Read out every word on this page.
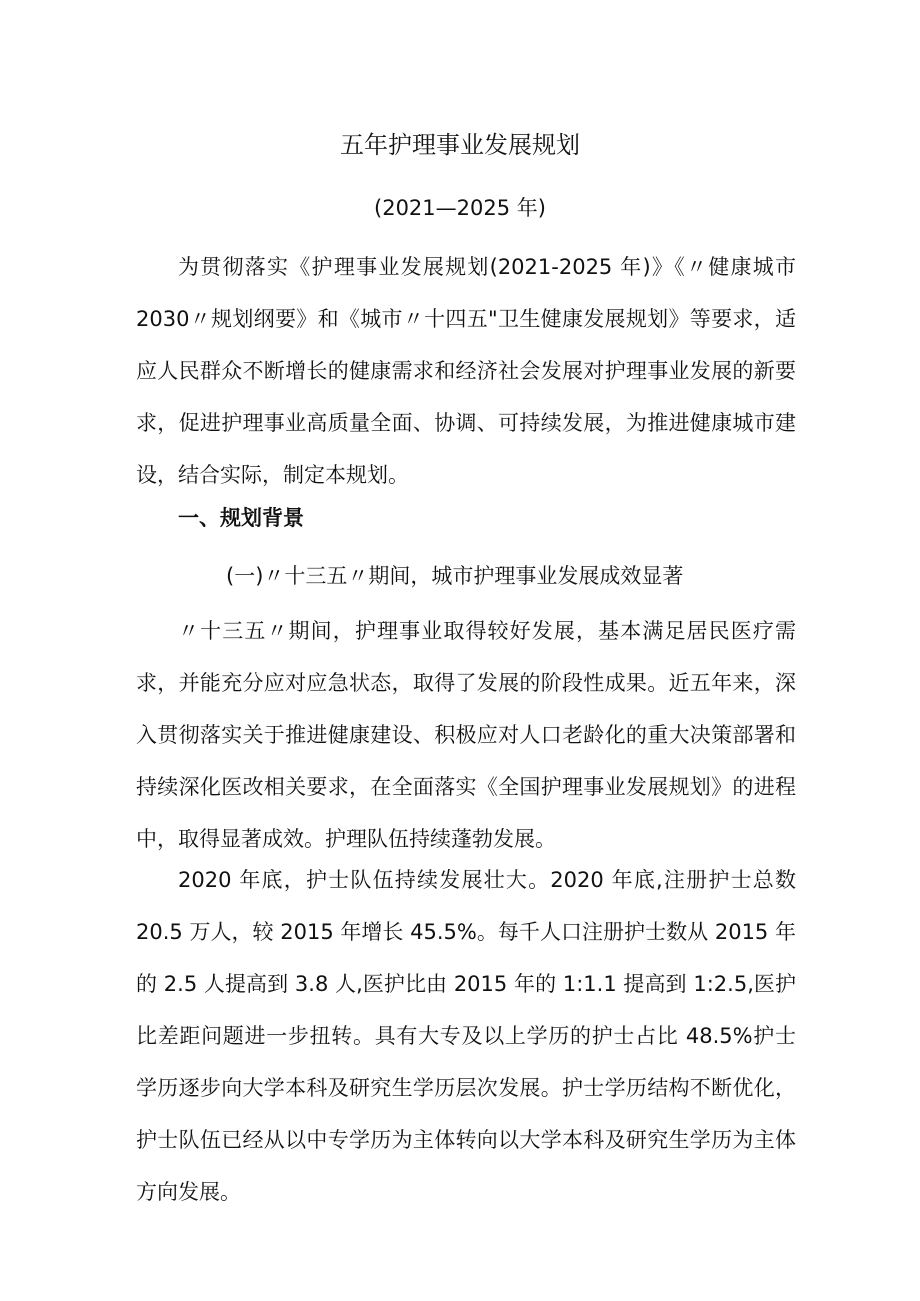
五年护理事业发展规划
(2021—2025 年)

为贯彻落实《护理事业发展规划(2021-2025 年)》《〃健康城市 2030〃规划纲要》和《城市〃十四五"卫生健康发展规划》等要求，适应人民群众不断增长的健康需求和经济社会发展对护理事业发展的新要求，促进护理事业高质量全面、协调、可持续发展，为推进健康城市建设，结合实际，制定本规划。

一、规划背景
(一)〃十三五〃期间，城市护理事业发展成效显著

〃十三五〃期间，护理事业取得较好发展，基本满足居民医疗需求，并能充分应对应急状态，取得了发展的阶段性成果。近五年来，深入贯彻落实关于推进健康建设、积极应对人口老龄化的重大决策部署和持续深化医改相关要求，在全面落实《全国护理事业发展规划》的进程中，取得显著成效。护理队伍持续蓬勃发展。

2020 年底，护士队伍持续发展壮大。2020 年底,注册护士总数 20.5 万人，较 2015 年增长 45.5%。每千人口注册护士数从 2015 年的 2.5 人提高到 3.8 人,医护比由 2015 年的 1:1.1 提高到 1:2.5,医护比差距问题进一步扭转。具有大专及以上学历的护士占比 48.5%护士学历逐步向大学本科及研究生学历层次发展。护士学历结构不断优化，护士队伍已经从以中专学历为主体转向以大学本科及研究生学历为主体方向发展。
